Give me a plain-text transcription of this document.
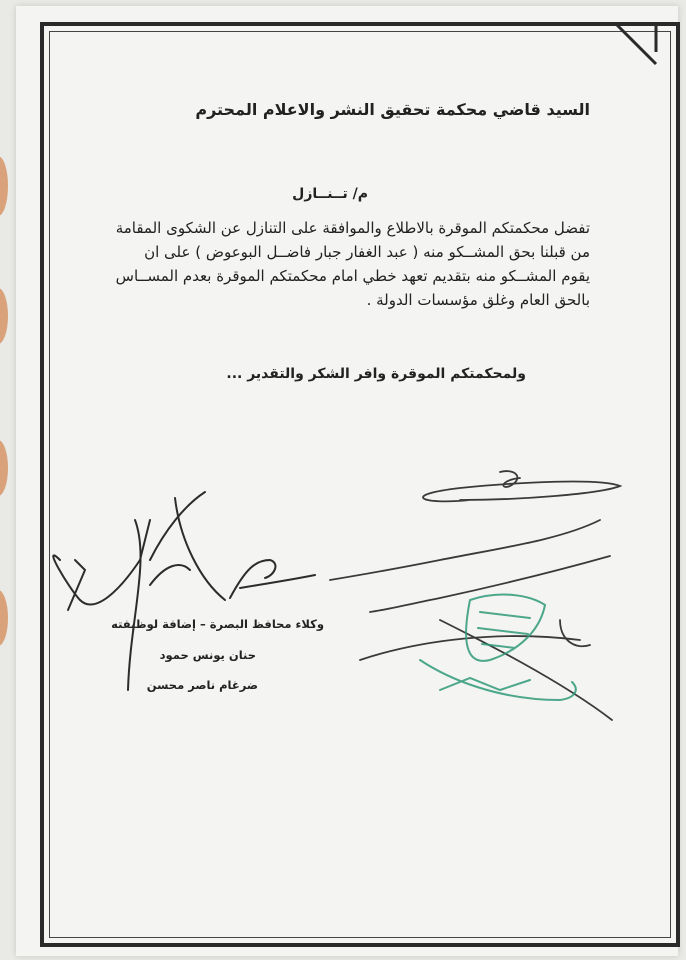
السيد قاضي محكمة تحقيق النشر والاعلام المحترم
م/ تــنــازل
تفضل محكمتكم الموقرة بالاطلاع والموافقة على التنازل عن الشكوى المقامة
من قبلنا بحق المشــكو منه ( عبد الغفار جبار فاضــل البوعوض ) على ان
يقوم المشــكو منه بتقديم تعهد خطي امام محكمتكم الموقرة بعدم المســاس
بالحق العام وغلق مؤسسات الدولة .
ولمحكمتكم الموقرة وافر الشكر والتقدير ...
وكلاء محافظ البصرة – إضافة لوظيفته
حنان يونس حمود
ضرغام ناصر محسن
